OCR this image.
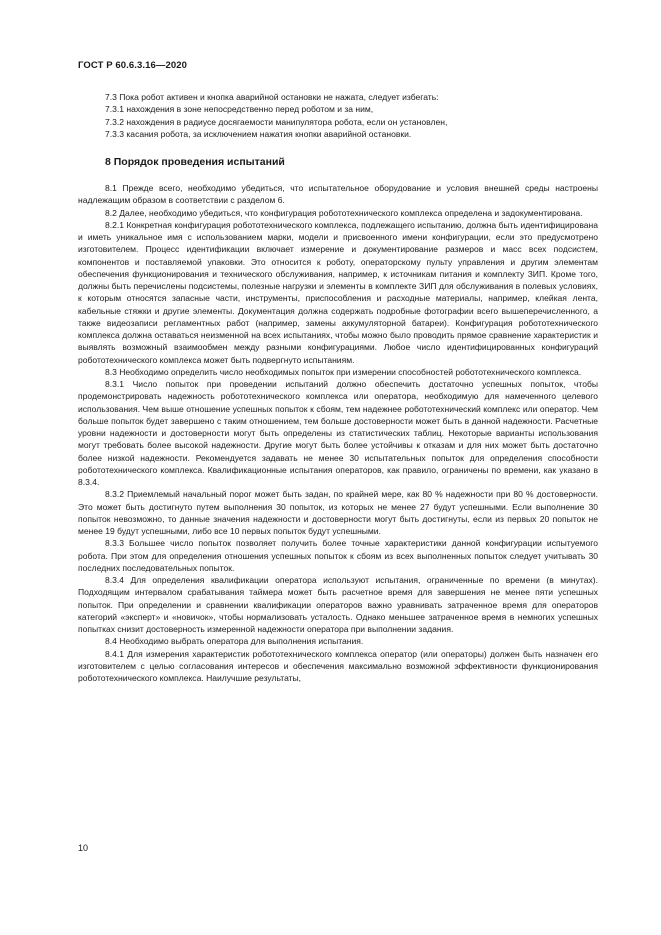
ГОСТ Р 60.6.3.16—2020

7.3 Пока робот активен и кнопка аварийной остановки не нажата, следует избегать:

7.3.1 нахождения в зоне непосредственно перед роботом и за ним,

7.3.2 нахождения в радиусе досягаемости манипулятора робота, если он установлен,

7.3.3 касания робота, за исключением нажатия кнопки аварийной остановки.

8 Порядок проведения испытаний

8.1 Прежде всего, необходимо убедиться, что испытательное оборудование и условия внешней среды настроены надлежащим образом в соответствии с разделом 6.

8.2 Далее, необходимо убедиться, что конфигурация робототехнического комплекса определена и задокументирована.

8.2.1 Конкретная конфигурация робототехнического комплекса, подлежащего испытанию, должна быть идентифицирована и иметь уникальное имя с использованием марки, модели и присвоенного имени конфигурации, если это предусмотрено изготовителем. Процесс идентификации включает измерение и документирование размеров и масс всех подсистем, компонентов и поставляемой упаковки. Это относится к роботу, операторскому пульту управления и другим элементам обеспечения функционирования и технического обслуживания, например, к источникам питания и комплекту ЗИП. Кроме того, должны быть перечислены подсистемы, полезные нагрузки и элементы в комплекте ЗИП для обслуживания в полевых условиях, к которым относятся запасные части, инструменты, приспособления и расходные материалы, например, клейкая лента, кабельные стяжки и другие элементы. Документация должна содержать подробные фотографии всего вышеперечисленного, а также видеозаписи регламентных работ (например, замены аккумуляторной батареи). Конфигурация робототехнического комплекса должна оставаться неизменной на всех испытаниях, чтобы можно было проводить прямое сравнение характеристик и выявлять возможный взаимообмен между разными конфигурациями. Любое число идентифицированных конфигураций робототехнического комплекса может быть подвергнуто испытаниям.

8.3 Необходимо определить число необходимых попыток при измерении способностей робототехнического комплекса.

8.3.1 Число попыток при проведении испытаний должно обеспечить достаточно успешных попыток, чтобы продемонстрировать надежность робототехнического комплекса или оператора, необходимую для намеченного целевого использования. Чем выше отношение успешных попыток к сбоям, тем надежнее робототехнический комплекс или оператор. Чем больше попыток будет завершено с таким отношением, тем больше достоверности может быть в данной надежности. Расчетные уровни надежности и достоверности могут быть определены из статистических таблиц. Некоторые варианты использования могут требовать более высокой надежности. Другие могут быть более устойчивы к отказам и для них может быть достаточно более низкой надежности. Рекомендуется задавать не менее 30 испытательных попыток для определения способности робототехнического комплекса. Квалификационные испытания операторов, как правило, ограничены по времени, как указано в 8.3.4.

8.3.2 Приемлемый начальный порог может быть задан, по крайней мере, как 80 % надежности при 80 % достоверности. Это может быть достигнуто путем выполнения 30 попыток, из которых не менее 27 будут успешными. Если выполнение 30 попыток невозможно, то данные значения надежности и достоверности могут быть достигнуты, если из первых 20 попыток не менее 19 будут успешными, либо все 10 первых попыток будут успешными.

8.3.3 Большее число попыток позволяет получить более точные характеристики данной конфигурации испытуемого робота. При этом для определения отношения успешных попыток к сбоям из всех выполненных попыток следует учитывать 30 последних последовательных попыток.

8.3.4 Для определения квалификации оператора используют испытания, ограниченные по времени (в минутах). Подходящим интервалом срабатывания таймера может быть расчетное время для завершения не менее пяти успешных попыток. При определении и сравнении квалификации операторов важно уравнивать затраченное время для операторов категорий «эксперт» и «новичок», чтобы нормализовать усталость. Однако меньшее затраченное время в немногих успешных попытках снизит достоверность измеренной надежности оператора при выполнении задания.

8.4 Необходимо выбрать оператора для выполнения испытания.

8.4.1 Для измерения характеристик робототехнического комплекса оператор (или операторы) должен быть назначен его изготовителем с целью согласования интересов и обеспечения максимально возможной эффективности функционирования робототехнического комплекса. Наилучшие результаты,

10
